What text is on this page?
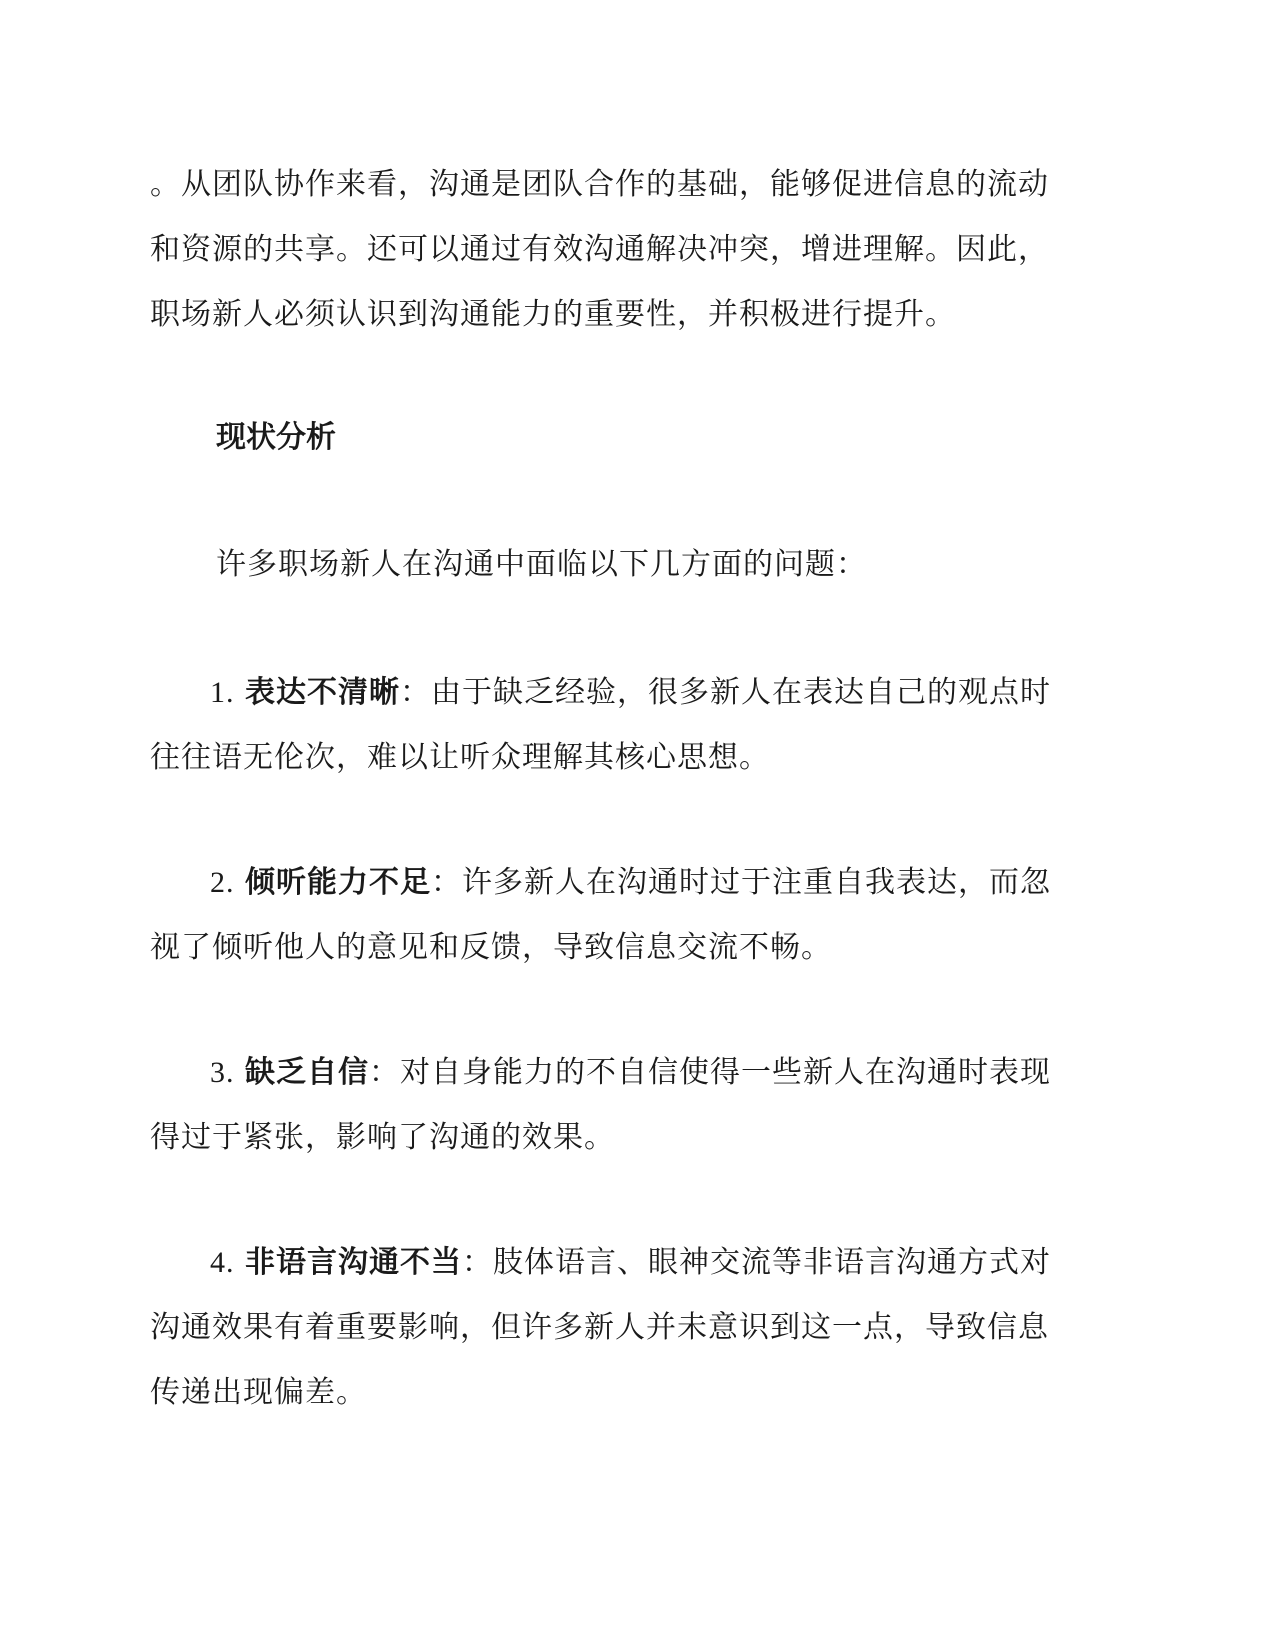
。从团队协作来看，沟通是团队合作的基础，能够促进信息的流动
和资源的共享。还可以通过有效沟通解决冲突，增进理解。因此，
职场新人必须认识到沟通能力的重要性，并积极进行提升。
现状分析
许多职场新人在沟通中面临以下几方面的问题：
1. 表达不清晰：由于缺乏经验，很多新人在表达自己的观点时
往往语无伦次，难以让听众理解其核心思想。
2. 倾听能力不足：许多新人在沟通时过于注重自我表达，而忽
视了倾听他人的意见和反馈，导致信息交流不畅。
3. 缺乏自信：对自身能力的不自信使得一些新人在沟通时表现
得过于紧张，影响了沟通的效果。
4. 非语言沟通不当：肢体语言、眼神交流等非语言沟通方式对
沟通效果有着重要影响，但许多新人并未意识到这一点，导致信息
传递出现偏差。
